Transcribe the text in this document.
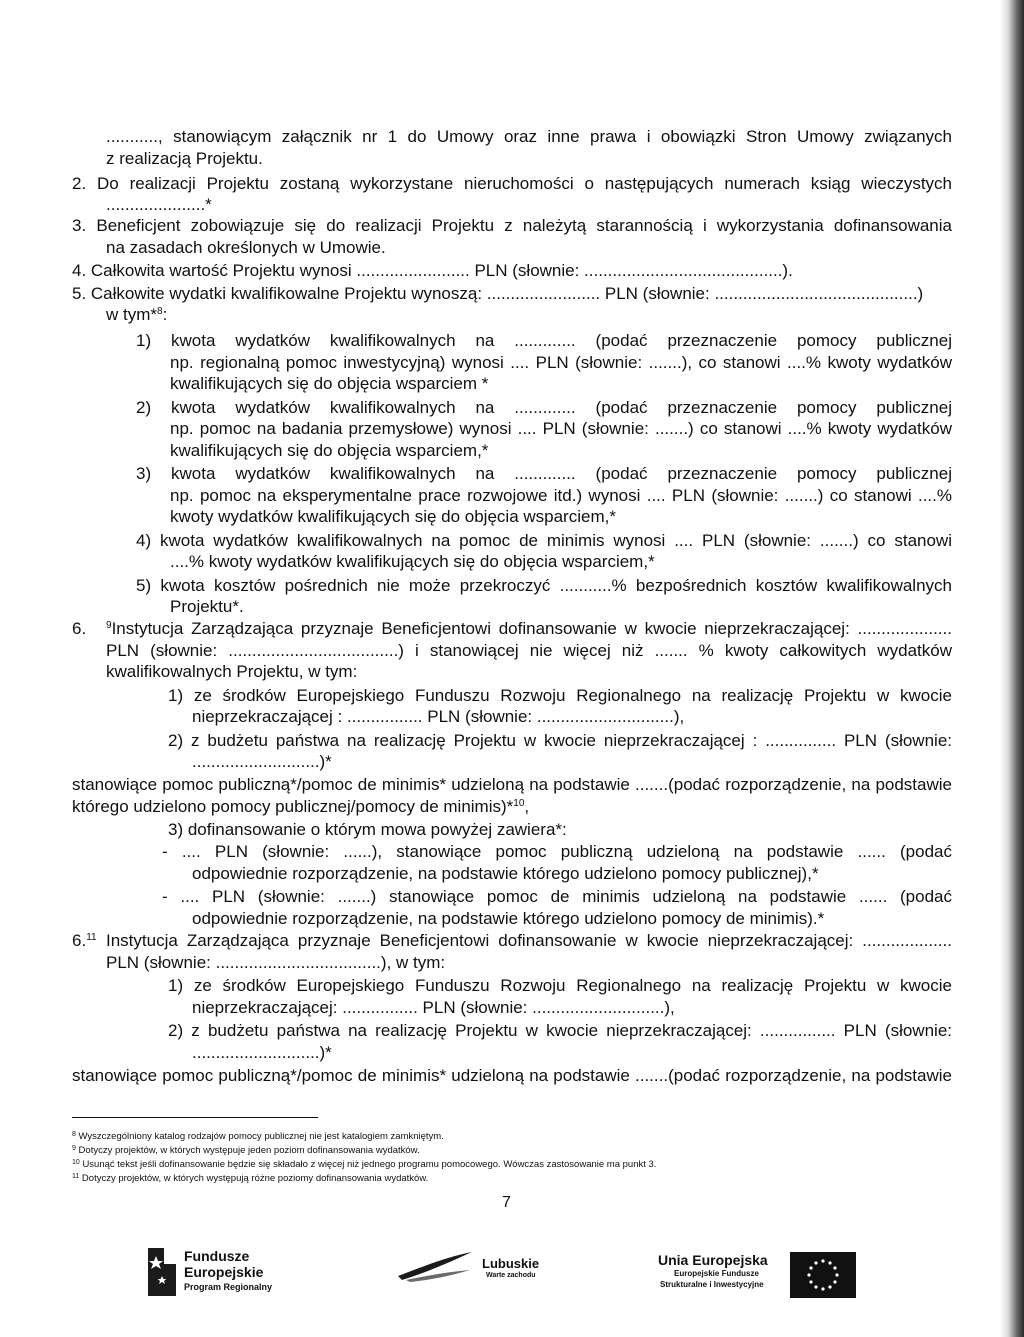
..........., stanowiącym załącznik nr 1 do Umowy oraz inne prawa i obowiązki Stron Umowy związanych
z realizacją Projektu.
2. Do realizacji Projektu zostaną wykorzystane nieruchomości o następujących numerach ksiąg wieczystych
.....................*
3. Beneficjent zobowiązuje się do realizacji Projektu z należytą starannością i wykorzystania dofinansowania
na zasadach określonych w Umowie.
4. Całkowita wartość Projektu wynosi ........................ PLN (słownie: ..........................................).
5. Całkowite wydatki kwalifikowalne Projektu wynoszą: ........................ PLN (słownie: ...........................................)
w tym*$^8$:
1) kwota wydatków kwalifikowalnych na ............. (podać przeznaczenie pomocy publicznej
np. regionalną pomoc inwestycyjną) wynosi .... PLN (słownie: .......), co stanowi ....% kwoty wydatków
kwalifikujących się do objęcia wsparciem *
2) kwota wydatków kwalifikowalnych na ............. (podać przeznaczenie pomocy publicznej
np. pomoc na badania przemysłowe) wynosi .... PLN (słownie: .......) co stanowi ....% kwoty wydatków
kwalifikujących się do objęcia wsparciem,*
3) kwota wydatków kwalifikowalnych na ............. (podać przeznaczenie pomocy publicznej
np. pomoc na eksperymentalne prace rozwojowe itd.) wynosi .... PLN (słownie: .......) co stanowi ....%
kwoty wydatków kwalifikujących się do objęcia wsparciem,*
4) kwota wydatków kwalifikowalnych na pomoc de minimis wynosi .... PLN (słownie: .......) co stanowi
....% kwoty wydatków kwalifikujących się do objęcia wsparciem,*
5) kwota kosztów pośrednich nie może przekroczyć ...........% bezpośrednich kosztów kwalifikowalnych
Projektu*.
6. $^9$Instytucja Zarządzająca przyznaje Beneficjentowi dofinansowanie w kwocie nieprzekraczającej: ....................
PLN (słownie: ....................................) i stanowiącej nie więcej niż ....... % kwoty całkowitych wydatków
kwalifikowalnych Projektu, w tym:
1) ze środków Europejskiego Funduszu Rozwoju Regionalnego na realizację Projektu w kwocie
nieprzekraczającej : ................ PLN (słownie: .............................),
2) z budżetu państwa na realizację Projektu w kwocie nieprzekraczającej : ............... PLN (słownie:
...........................)*
stanowiące pomoc publiczną*/pomoc de minimis* udzieloną na podstawie .......(podać rozporządzenie, na podstawie
którego udzielono pomocy publicznej/pomocy de minimis)*$^{10}$,
3) dofinansowanie o którym mowa powyżej zawiera*:
- .... PLN (słownie: ......), stanowiące pomoc publiczną udzieloną na podstawie ...... (podać
odpowiednie rozporządzenie, na podstawie którego udzielono pomocy publicznej),*
- .... PLN (słownie: .......) stanowiące pomoc de minimis udzieloną na podstawie ...... (podać
odpowiednie rozporządzenie, na podstawie którego udzielono pomocy de minimis).*
6.11 Instytucja Zarządzająca przyznaje Beneficjentowi dofinansowanie w kwocie nieprzekraczającej: ...................
PLN (słownie: ...................................), w tym:
1) ze środków Europejskiego Funduszu Rozwoju Regionalnego na realizację Projektu w kwocie
nieprzekraczającej: ................ PLN (słownie: ............................),
2) z budżetu państwa na realizację Projektu w kwocie nieprzekraczającej: ................ PLN (słownie:
...........................)*
stanowiące pomoc publiczną*/pomoc de minimis* udzieloną na podstawie .......(podać rozporządzenie, na podstawie
$^8$ Wyszczególniony katalog rodzajów pomocy publicznej nie jest katalogiem zamkniętym.
$^9$ Dotyczy projektów, w których występuje jeden poziom dofinansowania wydatków.
$^{10}$ Usunąć tekst jeśli dofinansowanie będzie się składało z więcej niż jednego programu pomocowego. Wówczas zastosowanie ma punkt 3.
$^{11}$ Dotyczy projektów, w których występują różne poziomy dofinansowania wydatków.
7
Fundusze
Europejskie
Program Regionalny
Lubuskie
Warte zachodu
Unia Europejska
Europejskie Fundusze
Strukturalne i Inwestycyjne
